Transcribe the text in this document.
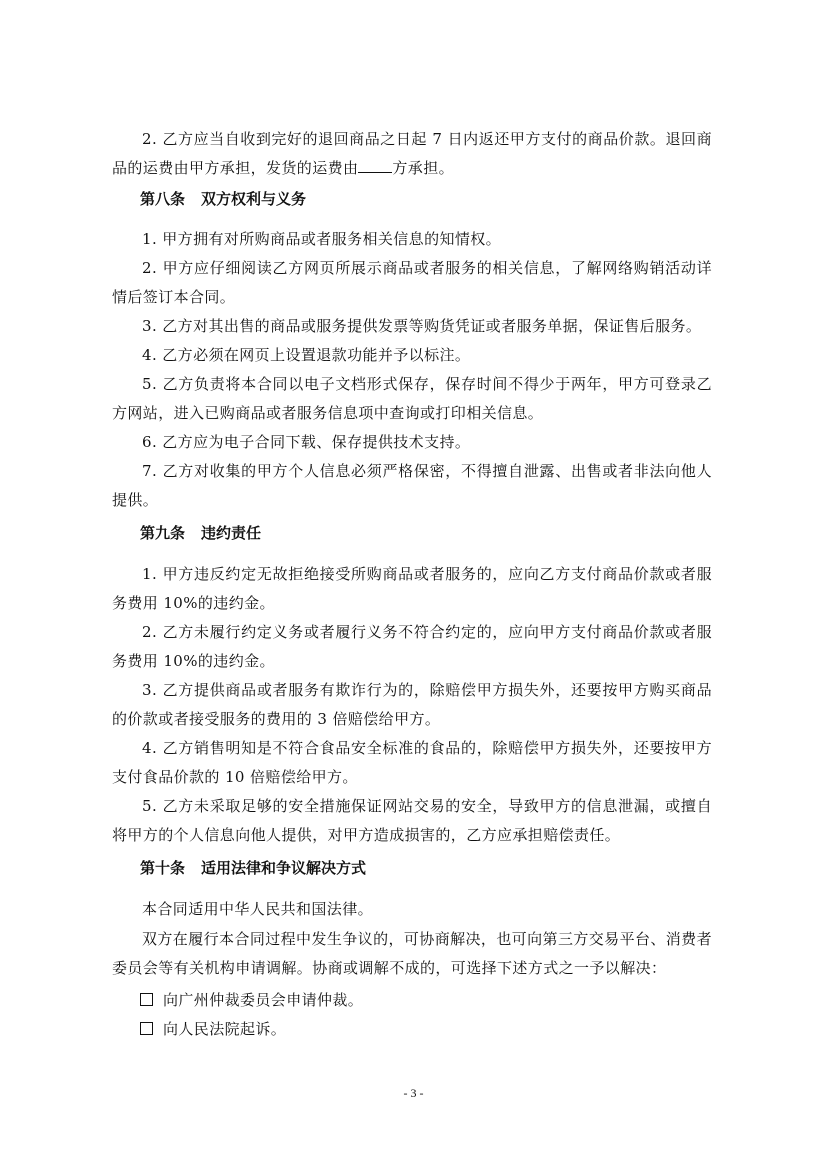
2. 乙方应当自收到完好的退回商品之日起 7 日内返还甲方支付的商品价款。退回商品的运费由甲方承担，发货的运费由 方承担。

第八条 双方权利与义务

1. 甲方拥有对所购商品或者服务相关信息的知情权。

2. 甲方应仔细阅读乙方网页所展示商品或者服务的相关信息，了解网络购销活动详情后签订本合同。

3. 乙方对其出售的商品或服务提供发票等购货凭证或者服务单据，保证售后服务。

4. 乙方必须在网页上设置退款功能并予以标注。

5. 乙方负责将本合同以电子文档形式保存，保存时间不得少于两年，甲方可登录乙方网站，进入已购商品或者服务信息项中查询或打印相关信息。

6. 乙方应为电子合同下载、保存提供技术支持。

7. 乙方对收集的甲方个人信息必须严格保密，不得擅自泄露、出售或者非法向他人提供。

第九条 违约责任

1. 甲方违反约定无故拒绝接受所购商品或者服务的，应向乙方支付商品价款或者服务费用 10%的违约金。

2. 乙方未履行约定义务或者履行义务不符合约定的，应向甲方支付商品价款或者服务费用 10%的违约金。

3. 乙方提供商品或者服务有欺诈行为的，除赔偿甲方损失外，还要按甲方购买商品的价款或者接受服务的费用的 3 倍赔偿给甲方。

4. 乙方销售明知是不符合食品安全标准的食品的，除赔偿甲方损失外，还要按甲方支付食品价款的 10 倍赔偿给甲方。

5. 乙方未采取足够的安全措施保证网站交易的安全，导致甲方的信息泄漏，或擅自将甲方的个人信息向他人提供，对甲方造成损害的，乙方应承担赔偿责任。

第十条 适用法律和争议解决方式

本合同适用中华人民共和国法律。

双方在履行本合同过程中发生争议的，可协商解决，也可向第三方交易平台、消费者委员会等有关机构申请调解。协商或调解不成的，可选择下述方式之一予以解决：

向广州仲裁委员会申请仲裁。

向人民法院起诉。

- 3 -
